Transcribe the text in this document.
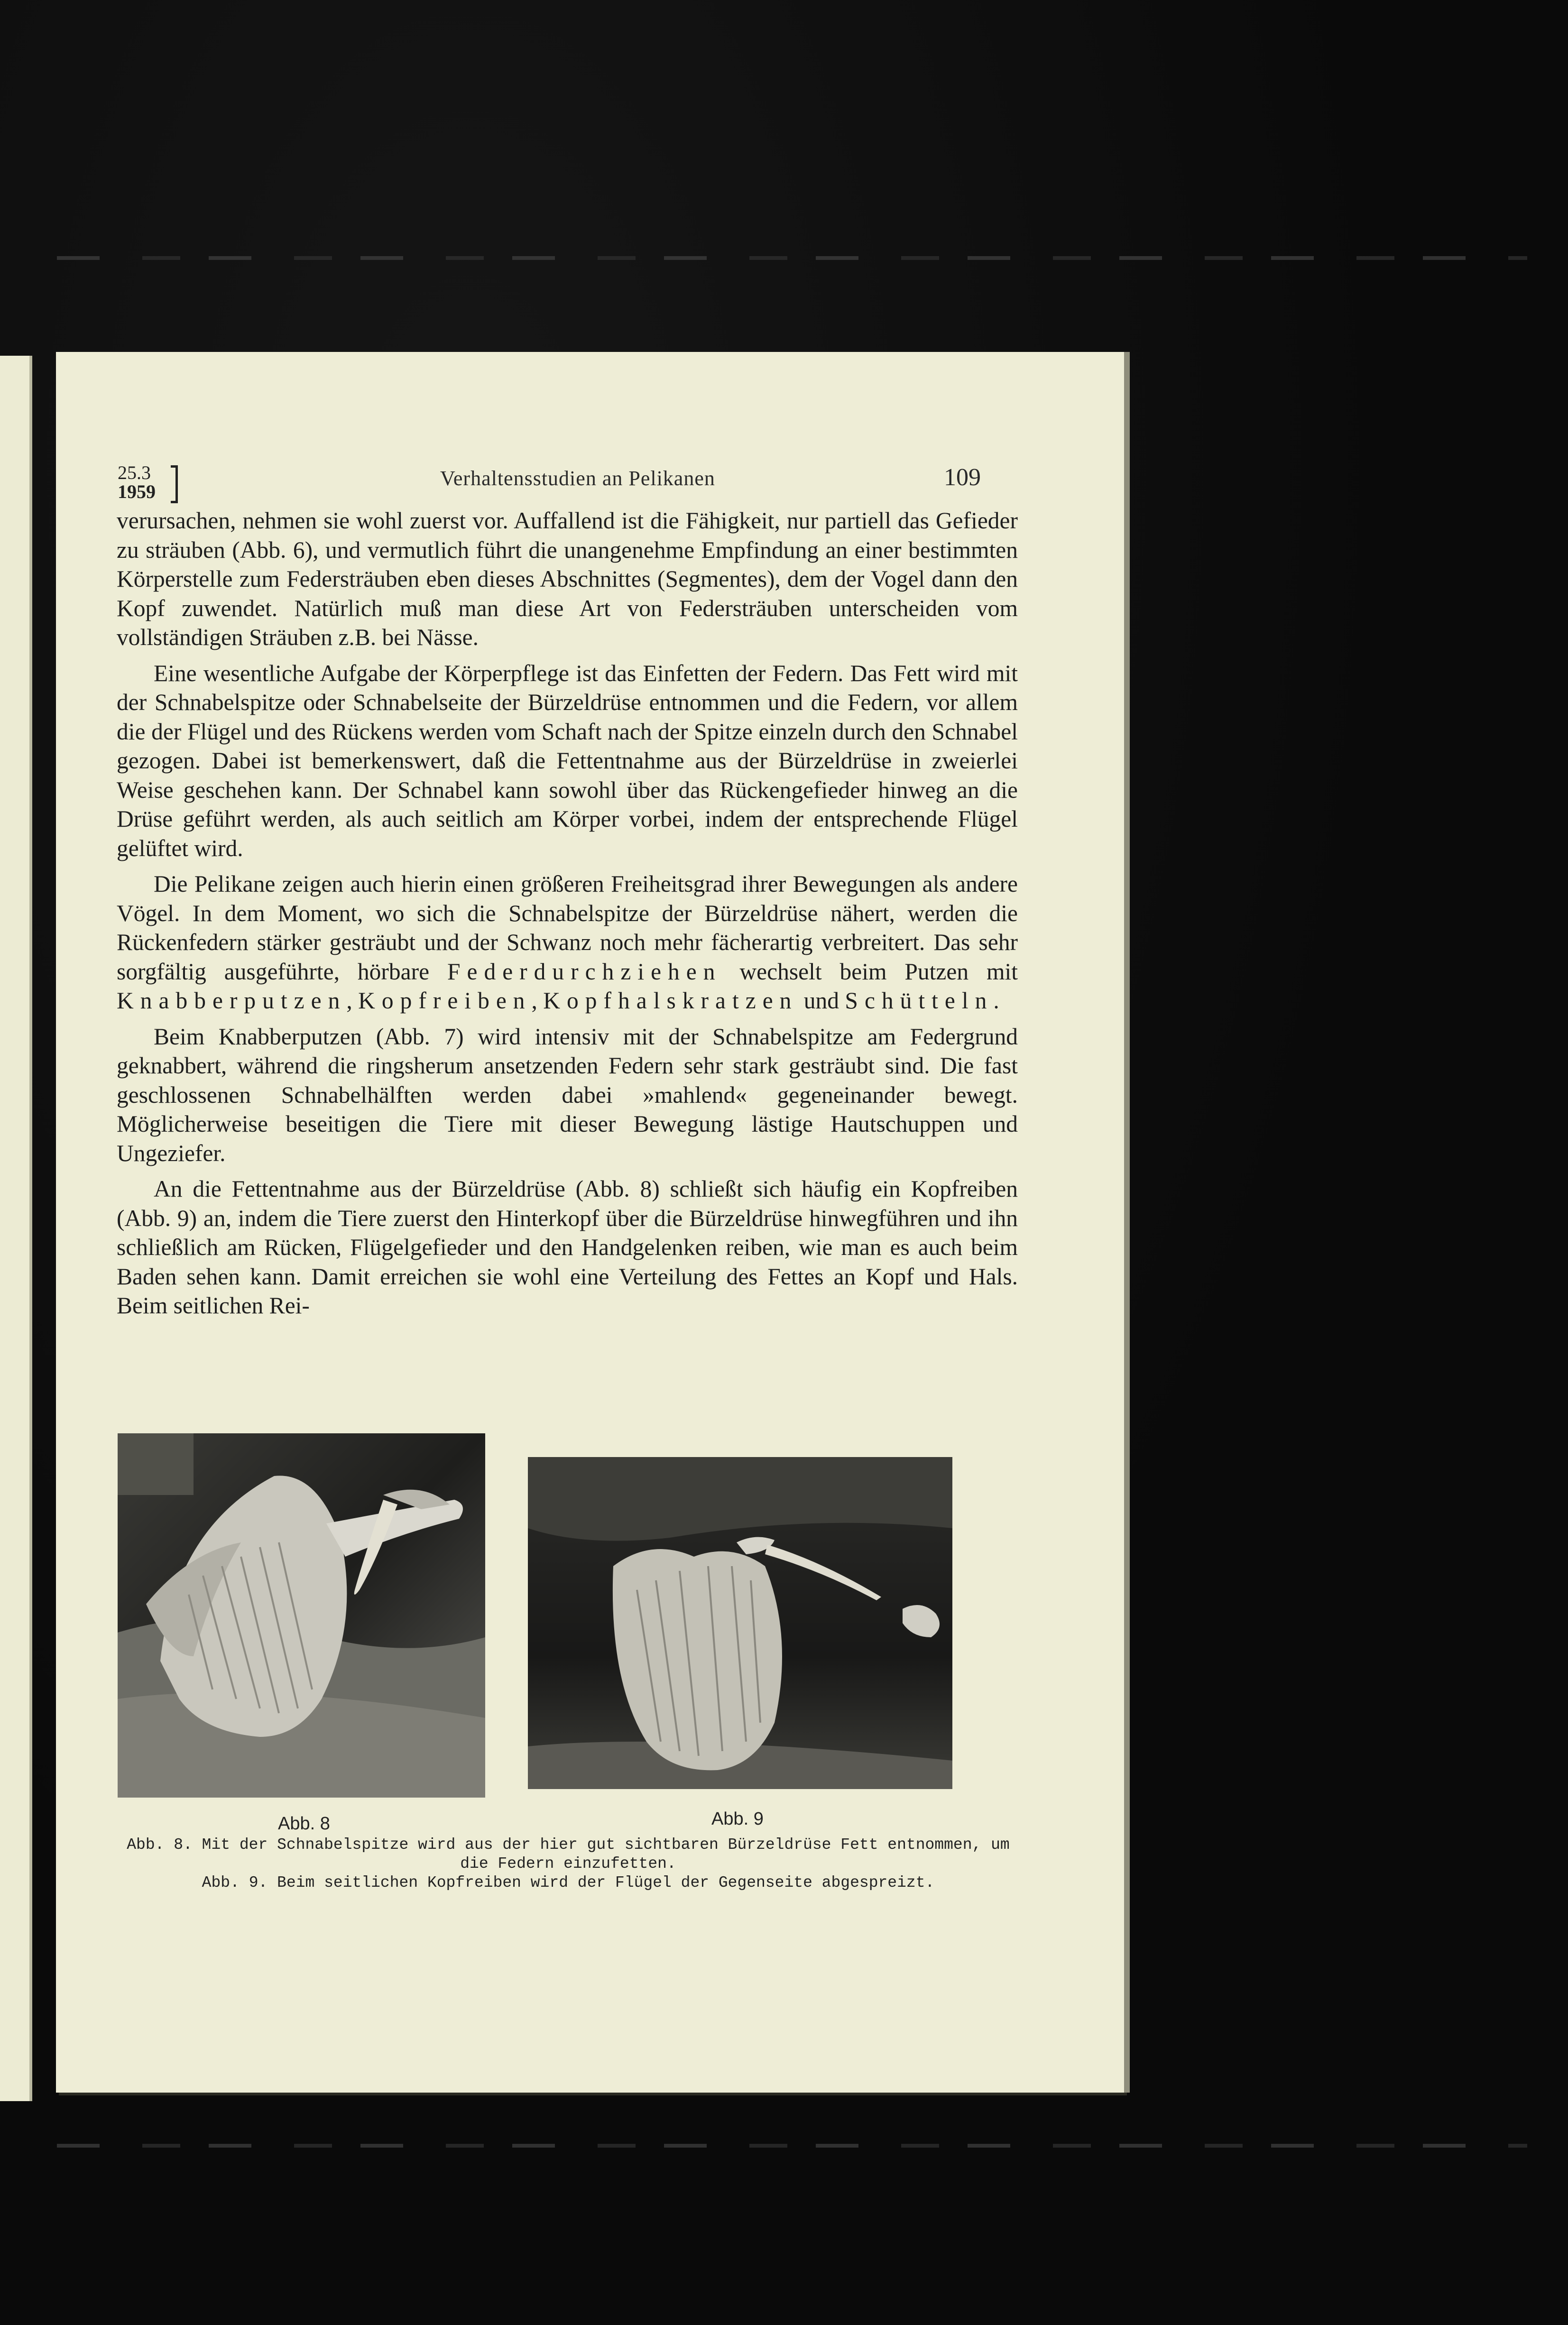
25.3
1959
Verhaltensstudien an Pelikanen	109

verursachen, nehmen sie wohl zuerst vor. Auffallend ist die Fähigkeit, nur partiell das Gefieder zu sträuben (Abb. 6), und vermutlich führt die unangenehme Empfindung an einer bestimmten Körperstelle zum Federsträuben eben dieses Abschnittes (Segmentes), dem der Vogel dann den Kopf zuwendet. Natürlich muß man diese Art von Federsträuben unterscheiden vom vollständigen Sträuben z.B. bei Nässe.

Eine wesentliche Aufgabe der Körperpflege ist das Einfetten der Federn. Das Fett wird mit der Schnabelspitze oder Schnabelseite der Bürzeldrüse entnommen und die Federn, vor allem die der Flügel und des Rückens werden vom Schaft nach der Spitze einzeln durch den Schnabel gezogen. Dabei ist bemerkenswert, daß die Fettentnahme aus der Bürzeldrüse in zweierlei Weise geschehen kann. Der Schnabel kann sowohl über das Rückengefieder hinweg an die Drüse geführt werden, als auch seitlich am Körper vorbei, indem der entsprechende Flügel gelüftet wird.

Die Pelikane zeigen auch hierin einen größeren Freiheitsgrad ihrer Bewegungen als andere Vögel. In dem Moment, wo sich die Schnabelspitze der Bürzeldrüse nähert, werden die Rückenfedern stärker gesträubt und der Schwanz noch mehr fächerartig verbreitert. Das sehr sorgfältig ausgeführte, hörbare Federdurchziehen wechselt beim Putzen mit Knabberputzen, Kopfreiben, Kopfhalskratzen und Schütteln.

Beim Knabberputzen (Abb. 7) wird intensiv mit der Schnabelspitze am Federgrund geknabbert, während die ringsherum ansetzenden Federn sehr stark gesträubt sind. Die fast geschlossenen Schnabelhälften werden dabei »mahlend« gegeneinander bewegt. Möglicherweise beseitigen die Tiere mit dieser Bewegung lästige Hautschuppen und Ungeziefer.

An die Fettentnahme aus der Bürzeldrüse (Abb. 8) schließt sich häufig ein Kopfreiben (Abb. 9) an, indem die Tiere zuerst den Hinterkopf über die Bürzeldrüse hinwegführen und ihn schließlich am Rücken, Flügelgefieder und den Handgelenken reiben, wie man es auch beim Baden sehen kann. Damit erreichen sie wohl eine Verteilung des Fettes an Kopf und Hals. Beim seitlichen Rei-

Abb. 8	Abb. 9
Abb. 8. Mit der Schnabelspitze wird aus der hier gut sichtbaren Bürzeldrüse Fett entnommen, um
die Federn einzufetten.
Abb. 9. Beim seitlichen Kopfreiben wird der Flügel der Gegenseite abgespreizt.
